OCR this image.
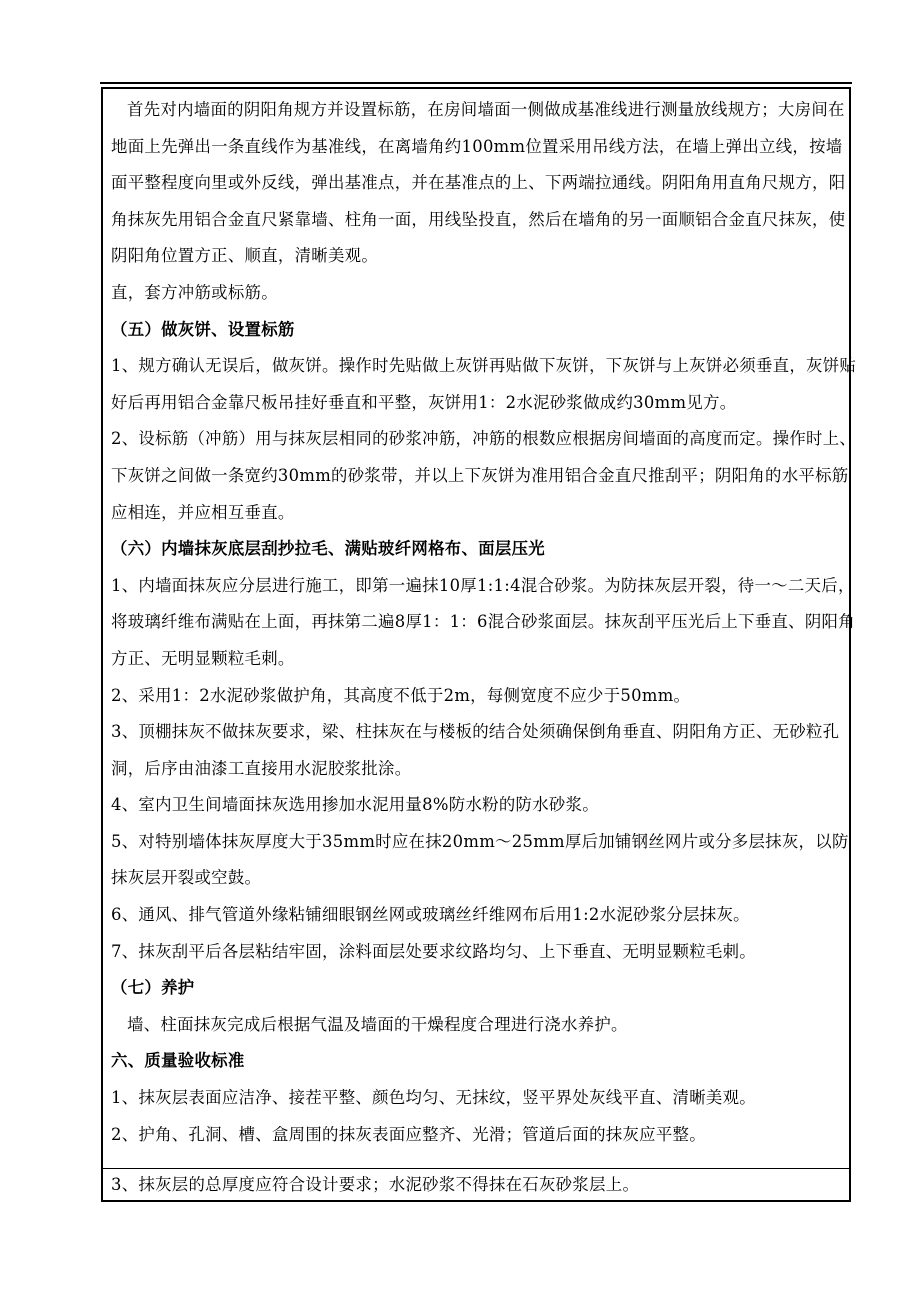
首先对内墙面的阴阳角规方并设置标筋，在房间墙面一侧做成基准线进行测量放线规方；大房间在地面上先弹出一条直线作为基准线，在离墙角约100mm位置采用吊线方法，在墙上弹出立线，按墙面平整程度向里或外反线，弹出基准点，并在基准点的上、下两端拉通线。阴阳角用直角尺规方，阳角抹灰先用铝合金直尺紧靠墙、柱角一面，用线坠投直，然后在墙角的另一面顺铝合金直尺抹灰，使阴阳角位置方正、顺直，清晰美观。

直，套方冲筋或标筋。

（五）做灰饼、设置标筋

1、规方确认无误后，做灰饼。操作时先贴做上灰饼再贴做下灰饼，下灰饼与上灰饼必须垂直，灰饼贴好后再用铝合金靠尺板吊挂好垂直和平整，灰饼用1：2水泥砂浆做成约30mm见方。

2、设标筋（冲筋）用与抹灰层相同的砂浆冲筋，冲筋的根数应根据房间墙面的高度而定。操作时上、下灰饼之间做一条宽约30mm的砂浆带，并以上下灰饼为准用铝合金直尺推刮平；阴阳角的水平标筋应相连，并应相互垂直。

（六）内墙抹灰底层刮抄拉毛、满贴玻纤网格布、面层压光

1、内墙面抹灰应分层进行施工，即第一遍抹10厚1:1:4混合砂浆。为防抹灰层开裂，待一～二天后，将玻璃纤维布满贴在上面，再抹第二遍8厚1：1：6混合砂浆面层。抹灰刮平压光后上下垂直、阴阳角方正、无明显颗粒毛刺。

2、采用1：2水泥砂浆做护角，其高度不低于2m，每侧宽度不应少于50mm。

3、顶棚抹灰不做抹灰要求，梁、柱抹灰在与楼板的结合处须确保倒角垂直、阴阳角方正、无砂粒孔洞，后序由油漆工直接用水泥胶浆批涂。

4、室内卫生间墙面抹灰选用掺加水泥用量8%防水粉的防水砂浆。

5、对特别墙体抹灰厚度大于35mm时应在抹20mm～25mm厚后加铺钢丝网片或分多层抹灰，以防抹灰层开裂或空鼓。

6、通风、排气管道外缘粘铺细眼钢丝网或玻璃丝纤维网布后用1:2水泥砂浆分层抹灰。

7、抹灰刮平后各层粘结牢固，涂料面层处要求纹路均匀、上下垂直、无明显颗粒毛刺。

（七）养护

墙、柱面抹灰完成后根据气温及墙面的干燥程度合理进行浇水养护。

六、质量验收标准

1、抹灰层表面应洁净、接茬平整、颜色均匀、无抹纹，竖平界处灰线平直、清晰美观。

2、护角、孔洞、槽、盒周围的抹灰表面应整齐、光滑；管道后面的抹灰应平整。

3、抹灰层的总厚度应符合设计要求；水泥砂浆不得抹在石灰砂浆层上。
